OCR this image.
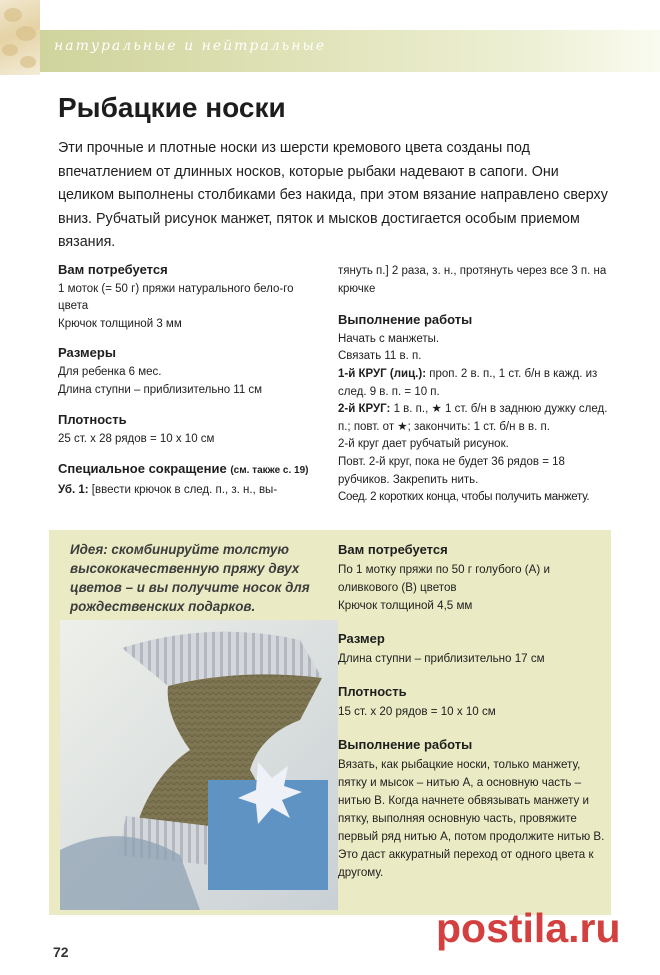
натуральные и нейтральные
Рыбацкие носки

Эти прочные и плотные носки из шерсти кремового цвета созданы под впечатлением от длинных носков, которые рыбаки надевают в сапоги. Они целиком выполнены столбиками без накида, при этом вязание направлено сверху вниз. Рубчатый рисунок манжет, пяток и мысков достигается особым приемом вязания.

Вам потребуется

1 моток (= 50 г) пряжи натурального бело-го цвета

Крючок толщиной 3 мм

Размеры

Для ребенка 6 мес.

Длина ступни – приблизительно 11 см

Плотность

25 ст. x 28 рядов = 10 x 10 см

Специальное сокращение (см. также с. 19)

Уб. 1: [ввести крючок в след. п., з. н., вы-

тянуть п.] 2 раза, з. н., протянуть через все 3 п. на крючке

Выполнение работы

Начать с манжеты.

Связать 11 в. п.

1-й КРУГ (лиц.): проп. 2 в. п., 1 ст. б/н в кажд. из след. 9 в. п. = 10 п.

2-й КРУГ: 1 в. п., ★ 1 ст. б/н в заднюю дужку след. п.; повт. от ★; закончить: 1 ст. б/н в в. п.

2-й круг дает рубчатый рисунок.

Повт. 2-й круг, пока не будет 36 рядов = 18 рубчиков. Закрепить нить.

Соед. 2 коротких конца, чтобы получить манжету.

Идея: скомбинируйте толстую высококачественную пряжу двух цветов – и вы получите носок для рождественских подарков.

Вам потребуется

По 1 мотку пряжи по 50 г голубого (А) и оливкового (В) цветов

Крючок толщиной 4,5 мм

Размер

Длина ступни – приблизительно 17 см

Плотность

15 ст. x 20 рядов = 10 x 10 см

Выполнение работы

Вязать, как рыбацкие носки, только манжету, пятку и мысок – нитью А, а основную часть – нитью В. Когда начнете обвязывать манжету и пятку, выполняя основную часть, провяжите первый ряд нитью А, потом продолжите нитью В. Это даст аккуратный переход от одного цвета к другому.

72
postila.ru
